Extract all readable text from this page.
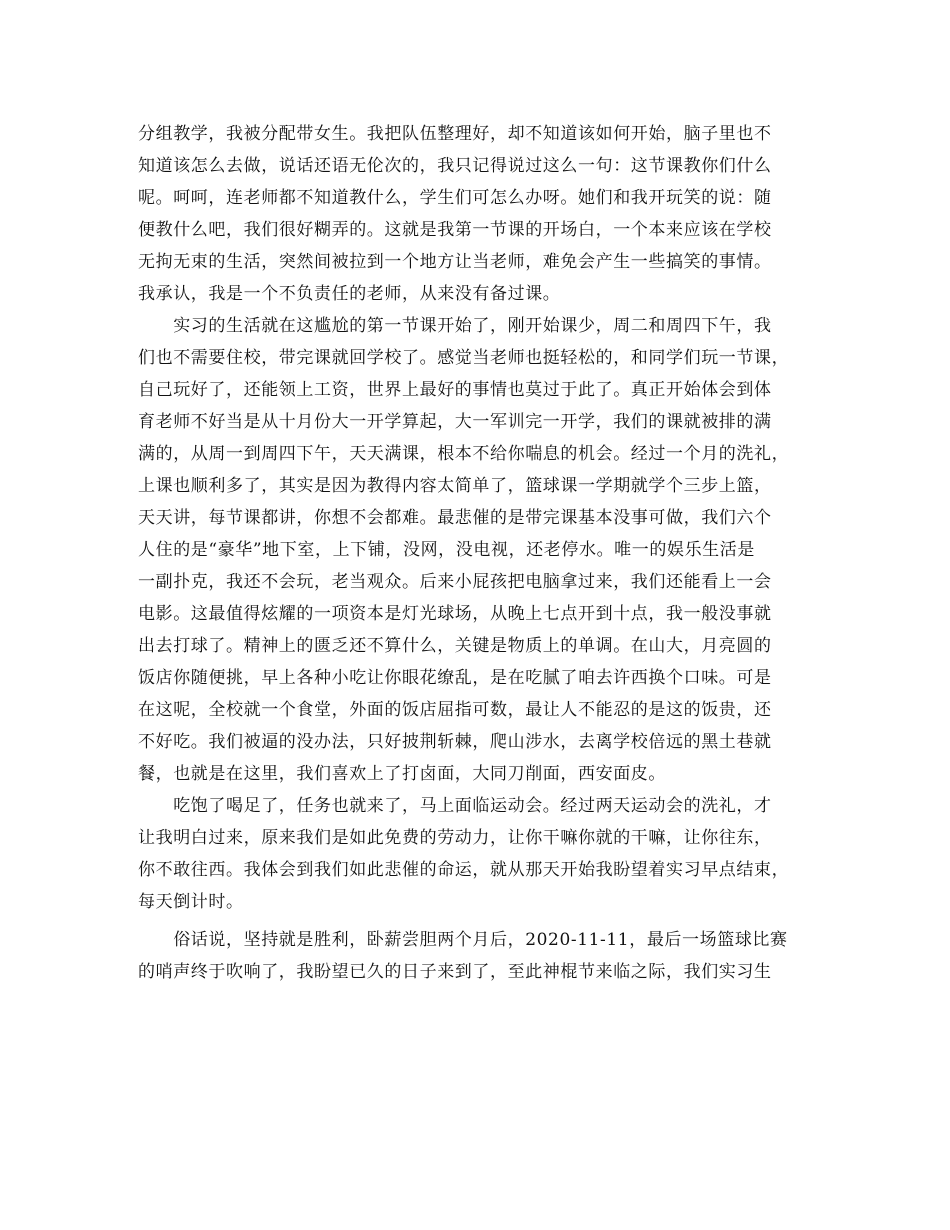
分组教学，我被分配带女生。我把队伍整理好，却不知道该如何开始，脑子里也不
知道该怎么去做，说话还语无伦次的，我只记得说过这么一句：这节课教你们什么
呢。呵呵，连老师都不知道教什么，学生们可怎么办呀。她们和我开玩笑的说：随
便教什么吧，我们很好糊弄的。这就是我第一节课的开场白，一个本来应该在学校
无拘无束的生活，突然间被拉到一个地方让当老师，难免会产生一些搞笑的事情。
我承认，我是一个不负责任的老师，从来没有备过课。
　　实习的生活就在这尴尬的第一节课开始了，刚开始课少，周二和周四下午，我
们也不需要住校，带完课就回学校了。感觉当老师也挺轻松的，和同学们玩一节课，
自己玩好了，还能领上工资，世界上最好的事情也莫过于此了。真正开始体会到体
育老师不好当是从十月份大一开学算起，大一军训完一开学，我们的课就被排的满
满的，从周一到周四下午，天天满课，根本不给你喘息的机会。经过一个月的洗礼，
上课也顺利多了，其实是因为教得内容太简单了，篮球课一学期就学个三步上篮，
天天讲，每节课都讲，你想不会都难。最悲催的是带完课基本没事可做，我们六个
人住的是“豪华”地下室，上下铺，没网，没电视，还老停水。唯一的娱乐生活是
一副扑克，我还不会玩，老当观众。后来小屁孩把电脑拿过来，我们还能看上一会
电影。这最值得炫耀的一项资本是灯光球场，从晚上七点开到十点，我一般没事就
出去打球了。精神上的匮乏还不算什么，关键是物质上的单调。在山大，月亮圆的
饭店你随便挑，早上各种小吃让你眼花缭乱，是在吃腻了咱去许西换个口味。可是
在这呢，全校就一个食堂，外面的饭店屈指可数，最让人不能忍的是这的饭贵，还
不好吃。我们被逼的没办法，只好披荆斩棘，爬山涉水，去离学校倍远的黑土巷就
餐，也就是在这里，我们喜欢上了打卤面，大同刀削面，西安面皮。
　　吃饱了喝足了，任务也就来了，马上面临运动会。经过两天运动会的洗礼，才
让我明白过来，原来我们是如此免费的劳动力，让你干嘛你就的干嘛，让你往东，
你不敢往西。我体会到我们如此悲催的命运，就从那天开始我盼望着实习早点结束，
每天倒计时。
　　俗话说，坚持就是胜利，卧薪尝胆两个月后，2020-11-11，最后一场篮球比赛
的哨声终于吹响了，我盼望已久的日子来到了，至此神棍节来临之际，我们实习生
